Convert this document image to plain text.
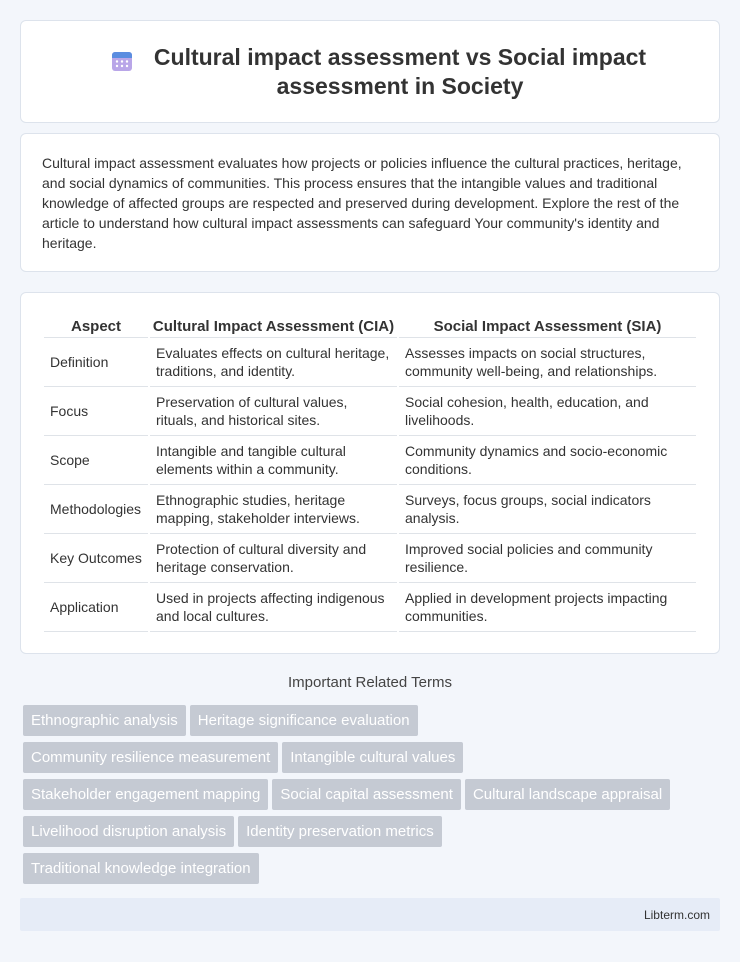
Cultural impact assessment vs Social impact assessment in Society

Cultural impact assessment evaluates how projects or policies influence the cultural practices, heritage, and social dynamics of communities. This process ensures that the intangible values and traditional knowledge of affected groups are respected and preserved during development. Explore the rest of the article to understand how cultural impact assessments can safeguard Your community's identity and heritage.

Aspect	Cultural Impact Assessment (CIA)	Social Impact Assessment (SIA)
Definition	Evaluates effects on cultural heritage, traditions, and identity.	Assesses impacts on social structures, community well-being, and relationships.
Focus	Preservation of cultural values, rituals, and historical sites.	Social cohesion, health, education, and livelihoods.
Scope	Intangible and tangible cultural elements within a community.	Community dynamics and socio-economic conditions.
Methodologies	Ethnographic studies, heritage mapping, stakeholder interviews.	Surveys, focus groups, social indicators analysis.
Key Outcomes	Protection of cultural diversity and heritage conservation.	Improved social policies and community resilience.
Application	Used in projects affecting indigenous and local cultures.	Applied in development projects impacting communities.
Important Related Terms
Ethnographic analysis Heritage significance evaluation
Community resilience measurement Intangible cultural values
Stakeholder engagement mapping Social capital assessment Cultural landscape appraisal
Livelihood disruption analysis Identity preservation metrics
Traditional knowledge integration
Libterm.com
